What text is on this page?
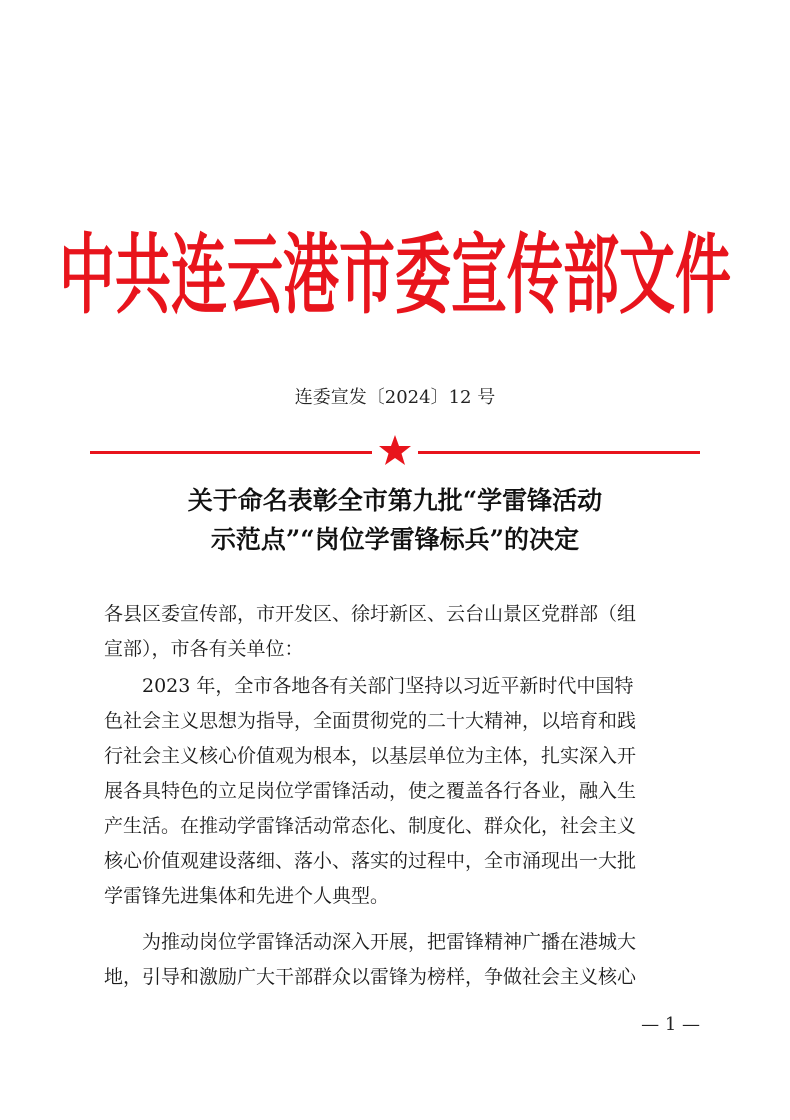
中共连云港市委宣传部文件
连委宣发〔2024〕12 号
关于命名表彰全市第九批“学雷锋活动
示范点”“岗位学雷锋标兵”的决定
各县区委宣传部，市开发区、徐圩新区、云台山景区党群部（组
宣部），市各有关单位：
2023 年，全市各地各有关部门坚持以习近平新时代中国特
色社会主义思想为指导，全面贯彻党的二十大精神，以培育和践
行社会主义核心价值观为根本，以基层单位为主体，扎实深入开
展各具特色的立足岗位学雷锋活动，使之覆盖各行各业，融入生
产生活。在推动学雷锋活动常态化、制度化、群众化，社会主义
核心价值观建设落细、落小、落实的过程中，全市涌现出一大批
学雷锋先进集体和先进个人典型。
为推动岗位学雷锋活动深入开展，把雷锋精神广播在港城大
地，引导和激励广大干部群众以雷锋为榜样，争做社会主义核心
— 1 —
